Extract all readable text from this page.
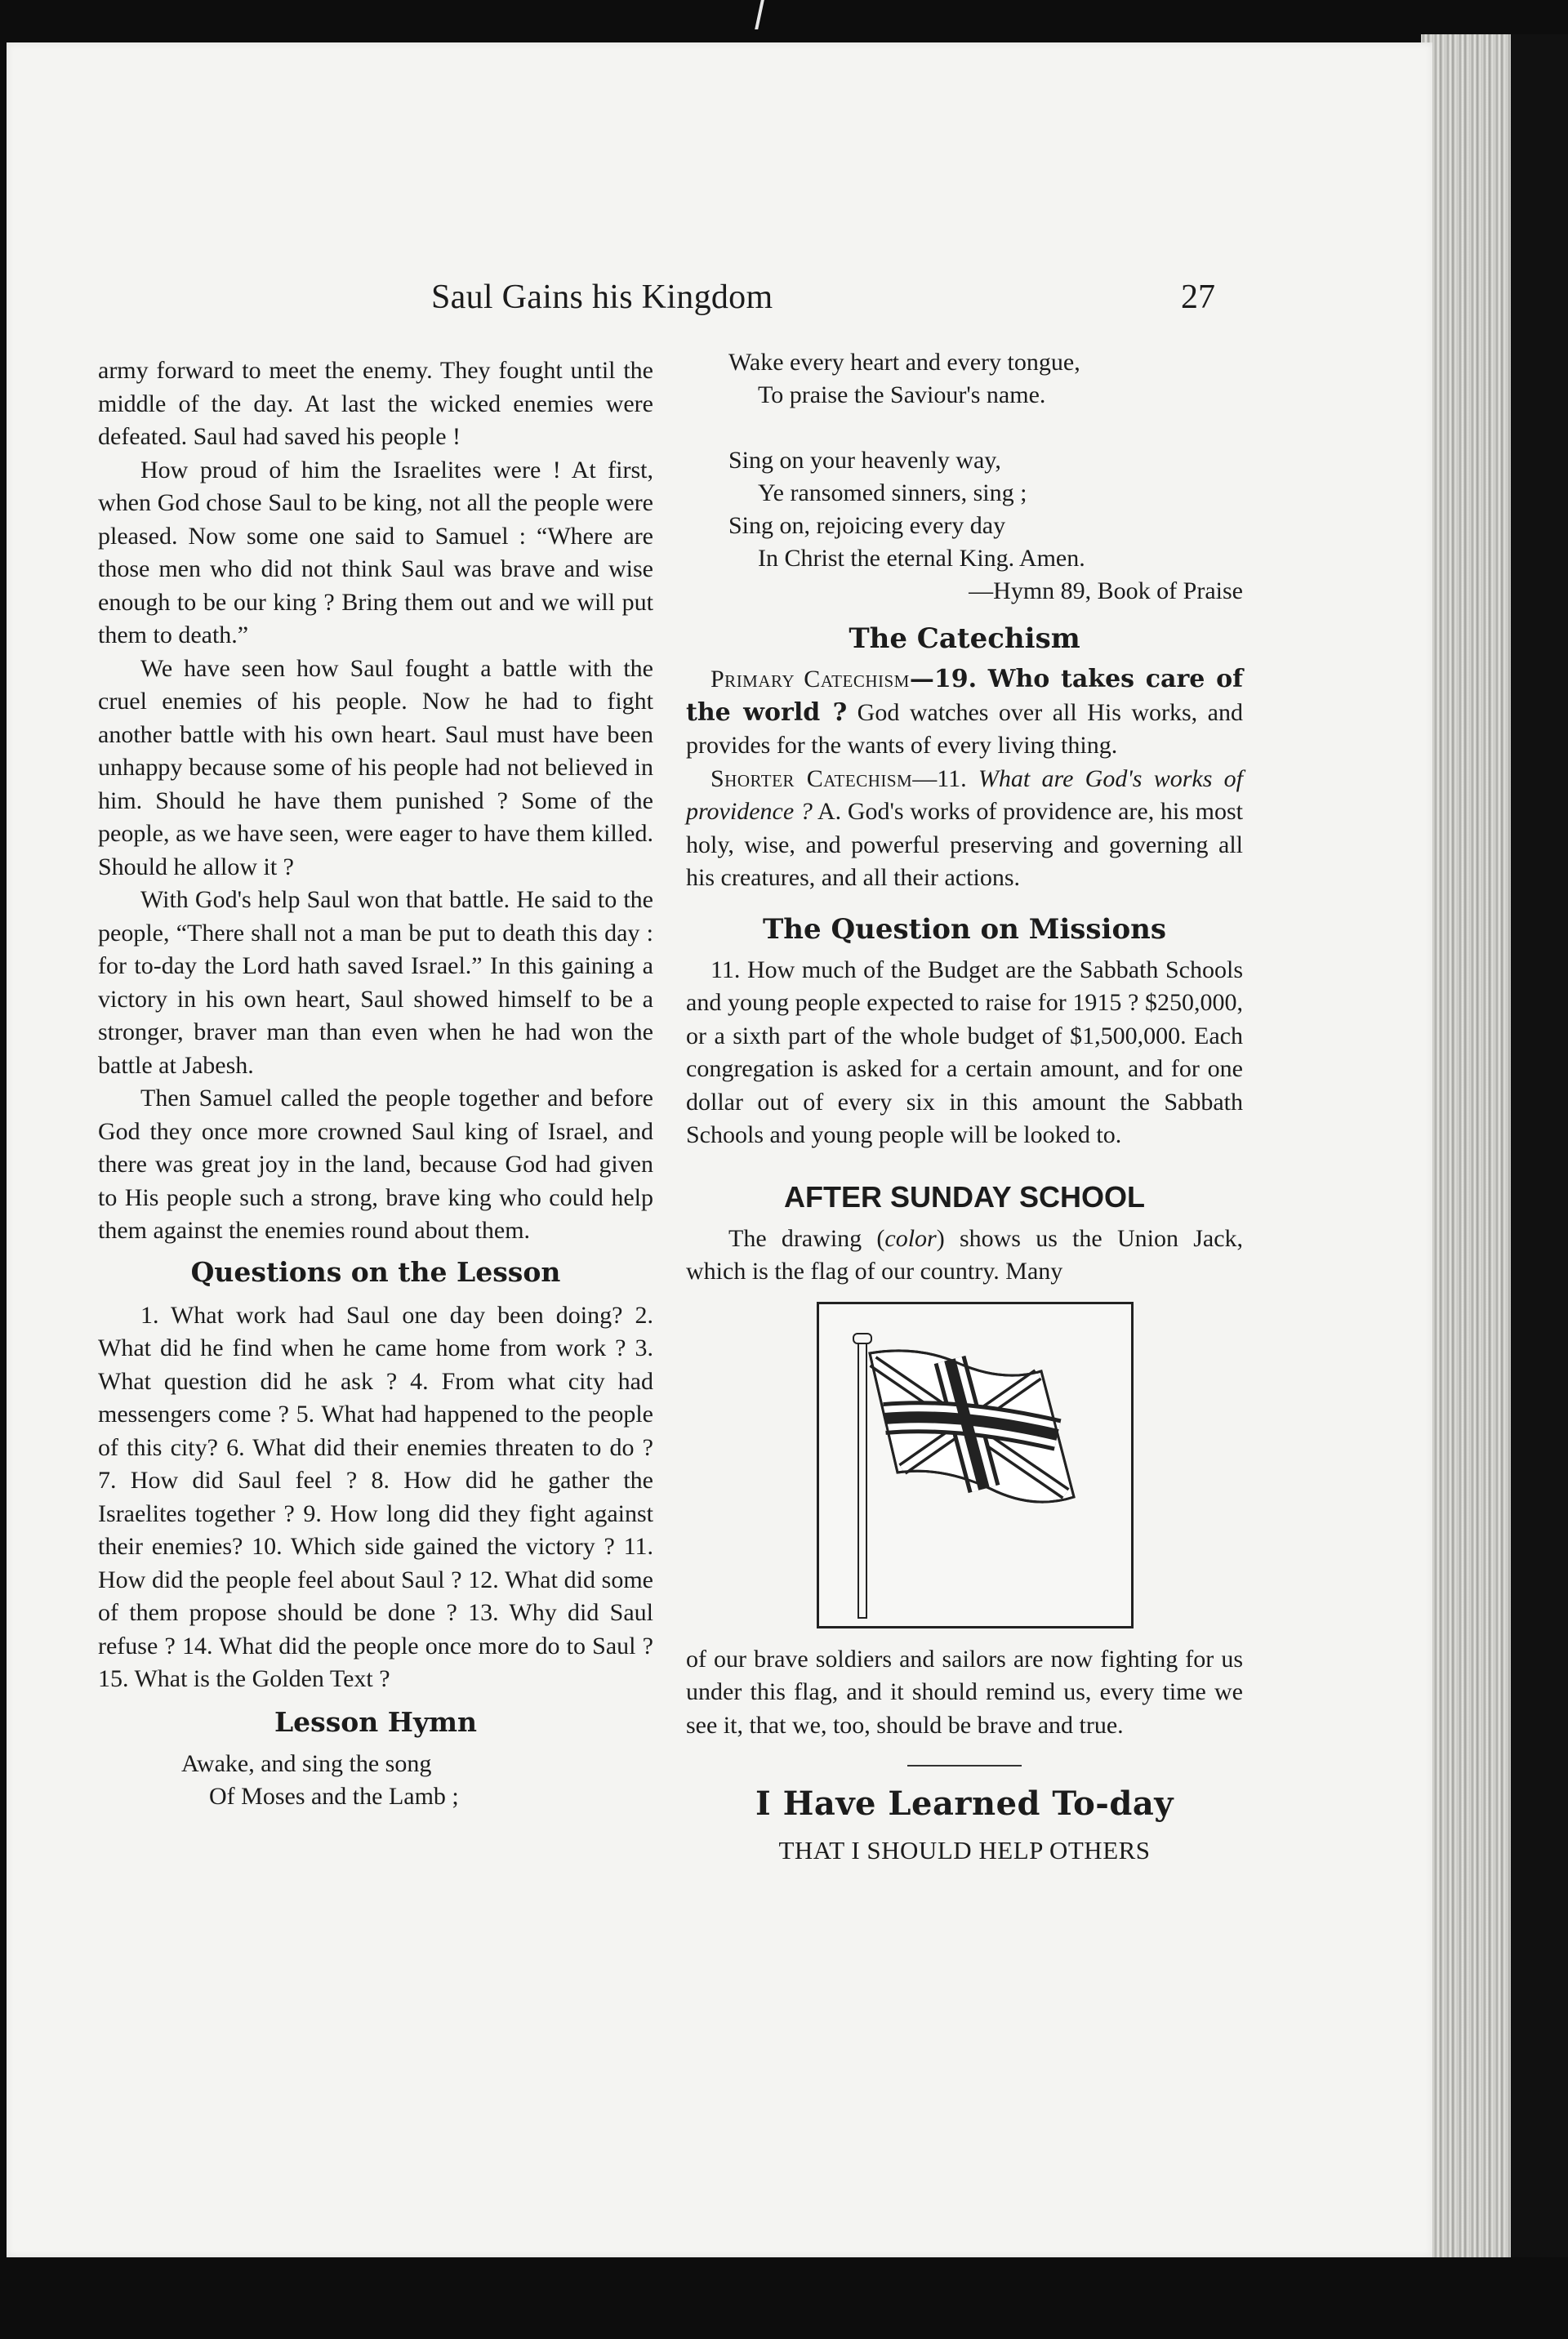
Saul Gains his Kingdom	27

army forward to meet the enemy. They fought until the middle of the day. At last the wicked enemies were defeated. Saul had saved his people !

How proud of him the Israelites were ! At first, when God chose Saul to be king, not all the people were pleased. Now some one said to Samuel : “Where are those men who did not think Saul was brave and wise enough to be our king ? Bring them out and we will put them to death.”

We have seen how Saul fought a battle with the cruel enemies of his people. Now he had to fight another battle with his own heart. Saul must have been unhappy because some of his people had not believed in him. Should he have them punished ? Some of the people, as we have seen, were eager to have them killed. Should he allow it ?

With God's help Saul won that battle. He said to the people, “There shall not a man be put to death this day : for to-day the Lord hath saved Israel.” In this gaining a victory in his own heart, Saul showed himself to be a stronger, braver man than even when he had won the battle at Jabesh.

Then Samuel called the people together and before God they once more crowned Saul king of Israel, and there was great joy in the land, because God had given to His people such a strong, brave king who could help them against the enemies round about them.

Questions on the Lesson

1. What work had Saul one day been doing? 2. What did he find when he came home from work ? 3. What question did he ask ? 4. From what city had messengers come ? 5. What had happened to the people of this city? 6. What did their enemies threaten to do ? 7. How did Saul feel ? 8. How did he gather the Israelites together ? 9. How long did they fight against their enemies? 10. Which side gained the victory ? 11. How did the people feel about Saul ? 12. What did some of them propose should be done ? 13. Why did Saul refuse ? 14. What did the people once more do to Saul ? 15. What is the Golden Text ?

Lesson Hymn
Awake, and sing the song
Of Moses and the Lamb ;
Wake every heart and every tongue,
To praise the Saviour's name.
Sing on your heavenly way,
Ye ransomed sinners, sing ;
Sing on, rejoicing every day
In Christ the eternal King. Amen.

—Hymn 89, Book of Praise

The Catechism

Primary Catechism—19. Who takes care of the world ? God watches over all His works, and provides for the wants of every living thing.

Shorter Catechism—11. What are God's works of providence ? A. God's works of providence are, his most holy, wise, and powerful preserving and governing all his creatures, and all their actions.

The Question on Missions

11. How much of the Budget are the Sabbath Schools and young people expected to raise for 1915 ? $250,000, or a sixth part of the whole budget of $1,500,000. Each congregation is asked for a certain amount, and for one dollar out of every six in this amount the Sabbath Schools and young people will be looked to.

AFTER SUNDAY SCHOOL

The drawing (color) shows us the Union Jack, which is the flag of our country. Many

of our brave soldiers and sailors are now fighting for us under this flag, and it should remind us, every time we see it, that we, too, should be brave and true.

I Have Learned To-day

THAT I SHOULD HELP OTHERS
